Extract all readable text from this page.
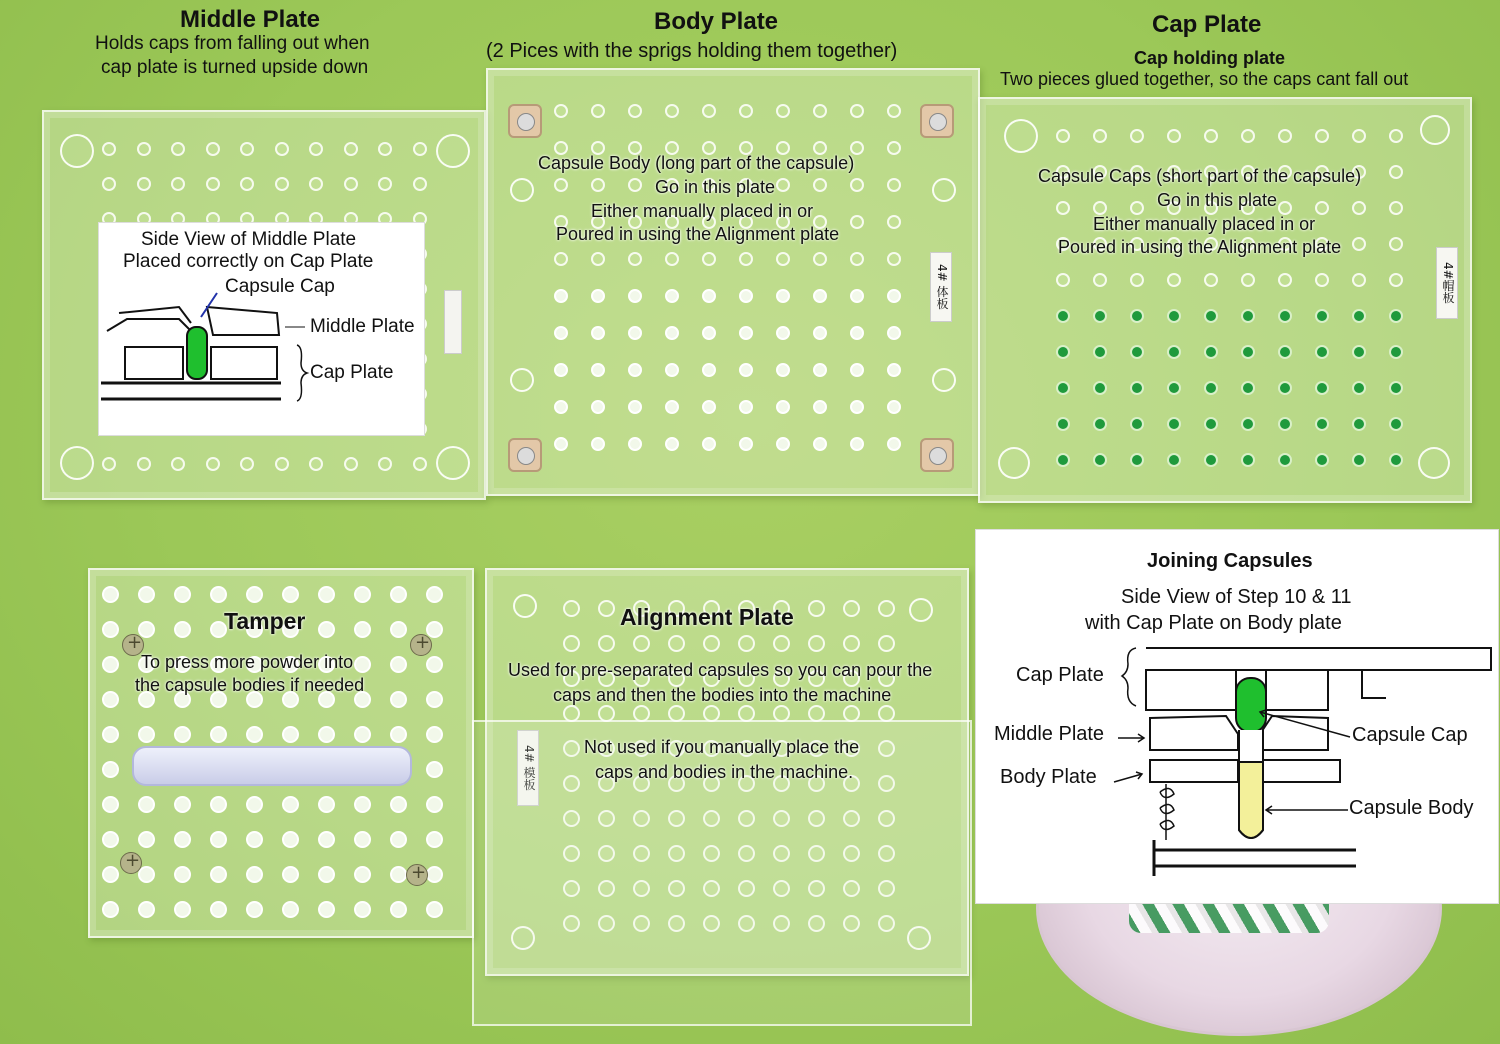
Middle Plate
Holds caps from falling out when
cap plate is turned upside down
Side View of Middle Plate
Placed correctly on Cap Plate
Capsule Cap
Middle Plate
Cap Plate
Body Plate
(2 Pices with the sprigs holding them together)
4# 体板
Capsule Body (long part of the capsule)
Go in this plate
Either manually placed in or
Poured in using the Alignment plate
Cap Plate
Cap holding plate
Two pieces glued together, so the caps cant fall out
4#帽板
Capsule Caps (short part of the capsule)
Go in this plate
Either manually placed in or
Poured in using the Alignment plate
+
+
+
+
Tamper
To press more powder into
the capsule bodies if needed
4# 模板
Alignment Plate
Used for pre-separated capsules so you can pour the
caps and then the bodies into the machine
Not used if you manually place the
caps and bodies in the machine.
Joining Capsules
Side View of Step 10 & 11
with Cap Plate on Body plate
Cap Plate
Middle Plate
Body Plate
Capsule Cap
Capsule Body
